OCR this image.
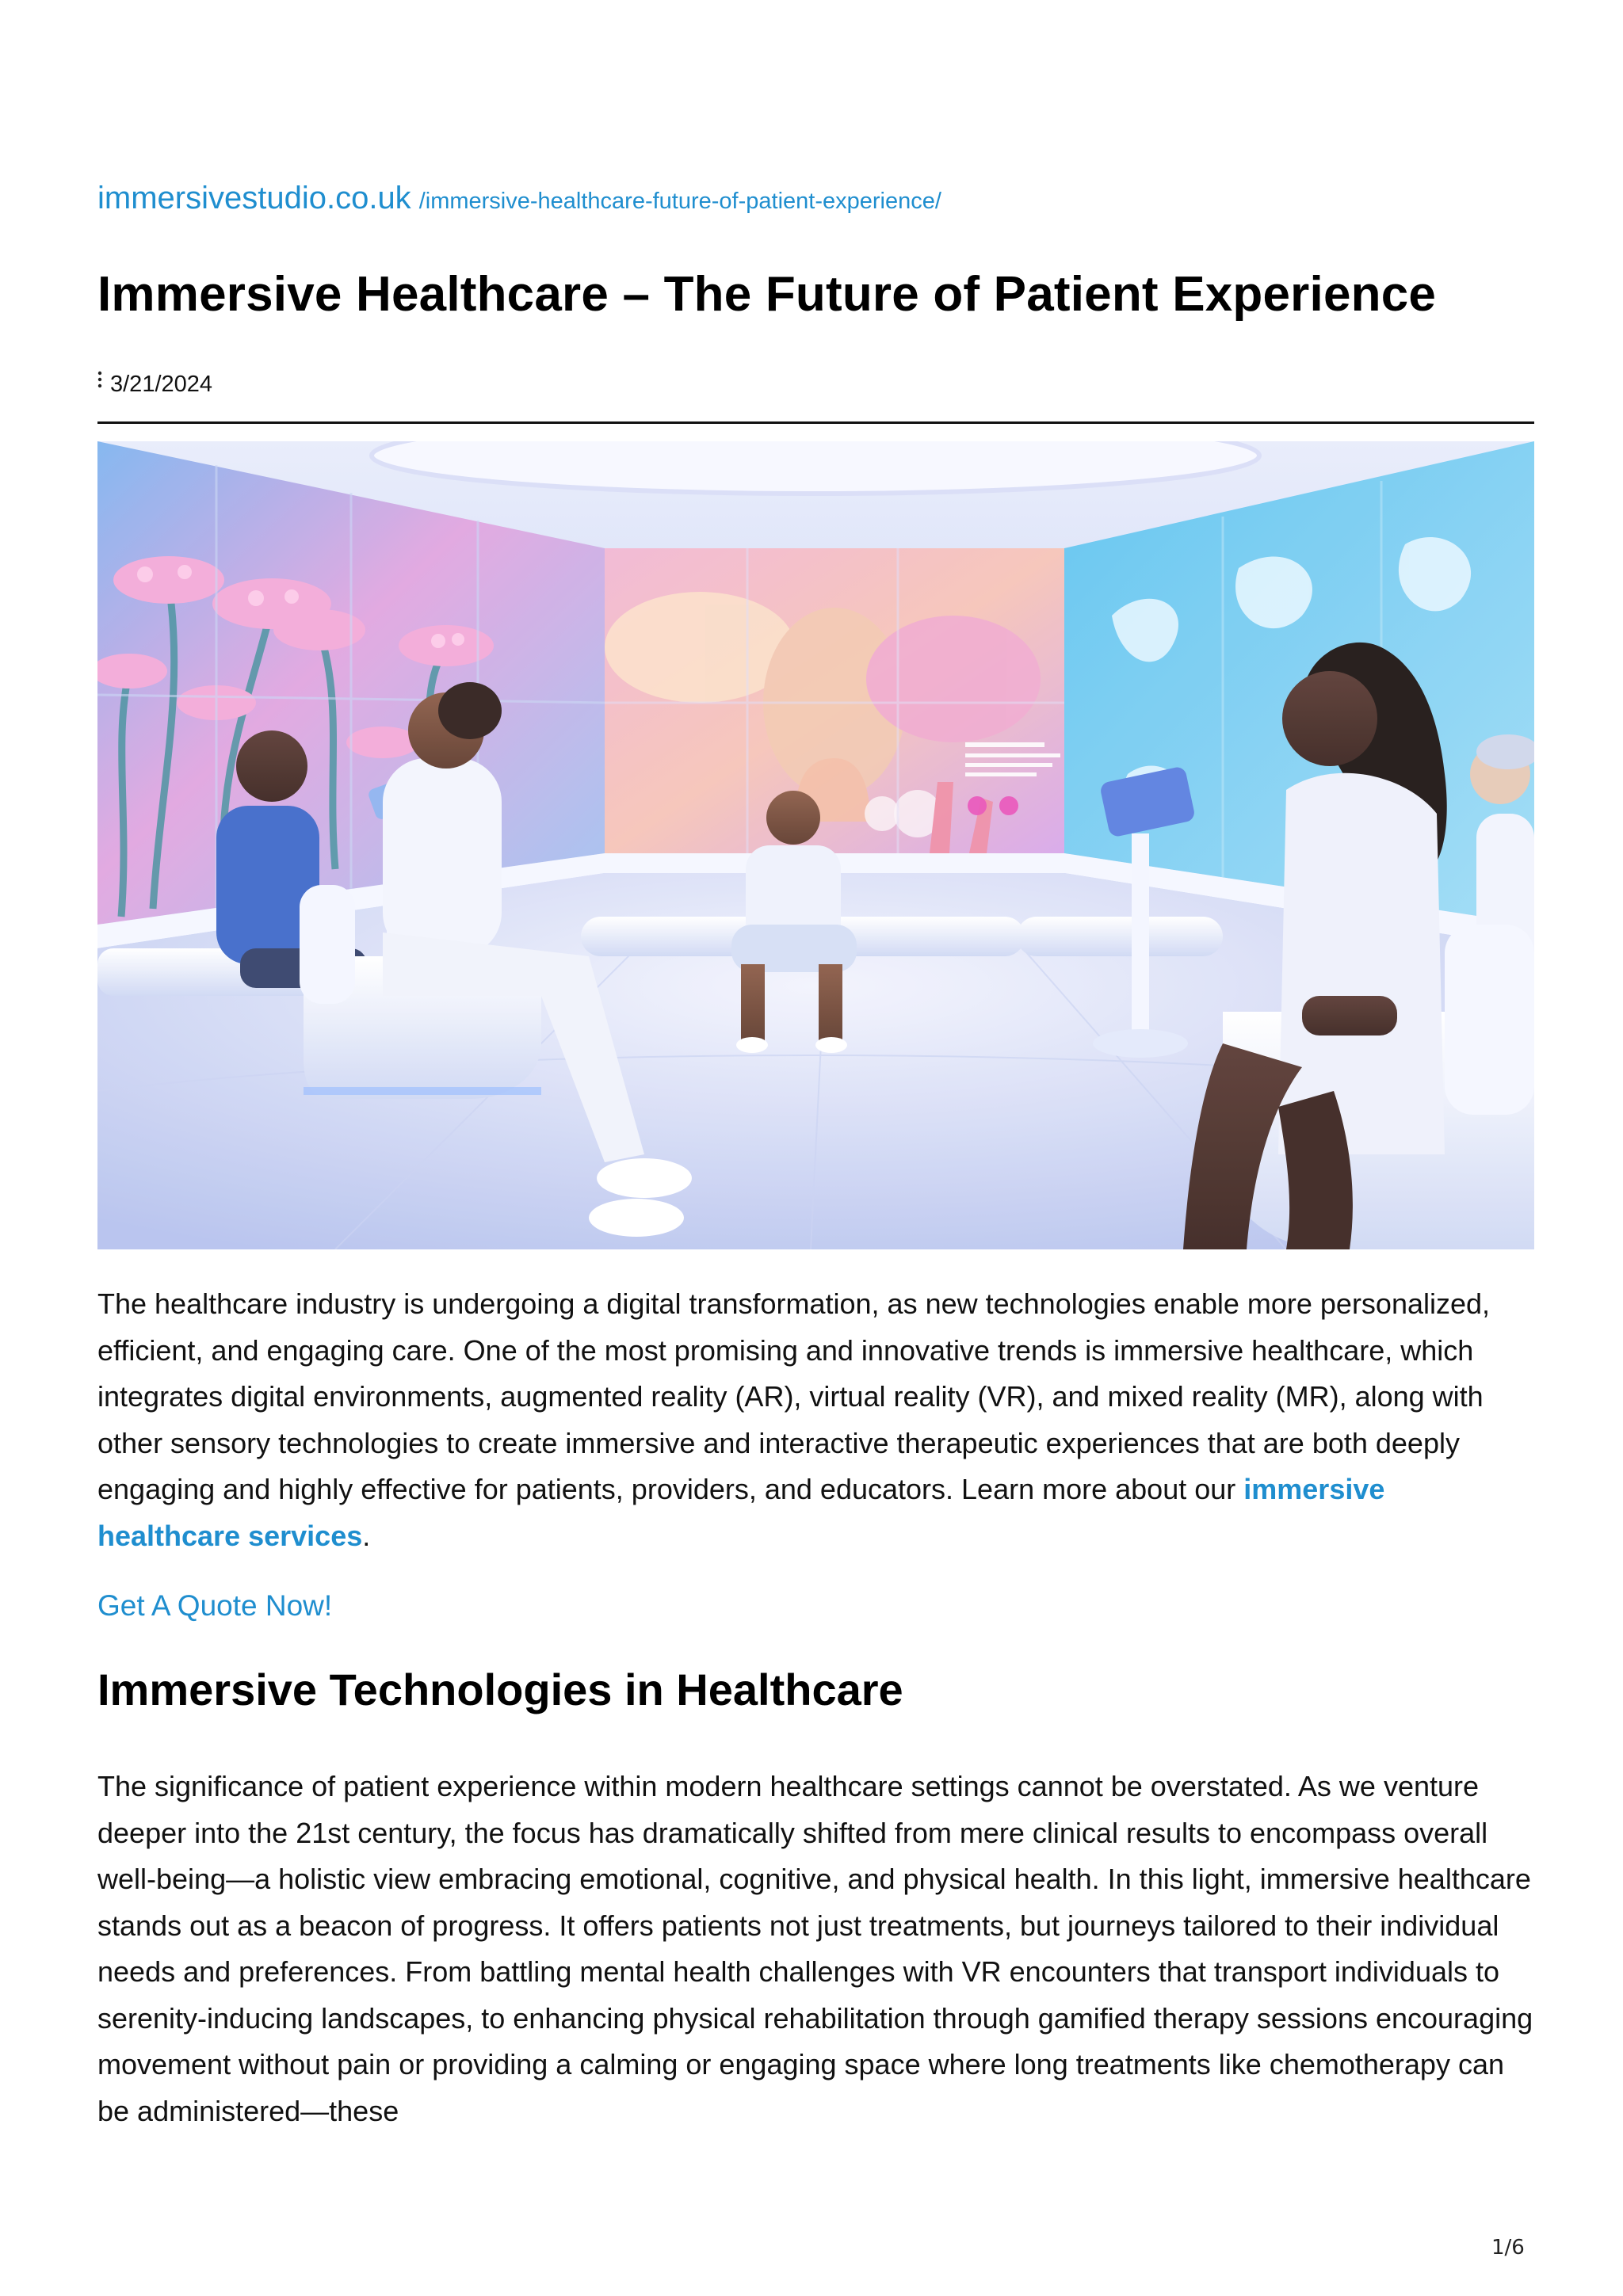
immersivestudio.co.uk /immersive-healthcare-future-of-patient-experience/
Immersive Healthcare – The Future of Patient Experience
3/21/2024

The healthcare industry is undergoing a digital transformation, as new technologies enable more personalized, efficient, and engaging care. One of the most promising and innovative trends is immersive healthcare, which integrates digital environments, augmented reality (AR), virtual reality (VR), and mixed reality (MR), along with other sensory technologies to create immersive and interactive therapeutic experiences that are both deeply engaging and highly effective for patients, providers, and educators. Learn more about our immersive healthcare services.

Get A Quote Now!
Immersive Technologies in Healthcare

The significance of patient experience within modern healthcare settings cannot be overstated. As we venture deeper into the 21st century, the focus has dramatically shifted from mere clinical results to encompass overall well-being—a holistic view embracing emotional, cognitive, and physical health. In this light, immersive healthcare stands out as a beacon of progress. It offers patients not just treatments, but journeys tailored to their individual needs and preferences. From battling mental health challenges with VR encounters that transport individuals to serenity-inducing landscapes, to enhancing physical rehabilitation through gamified therapy sessions encouraging movement without pain or providing a calming or engaging space where long treatments like chemotherapy can be administered—these

1/6
